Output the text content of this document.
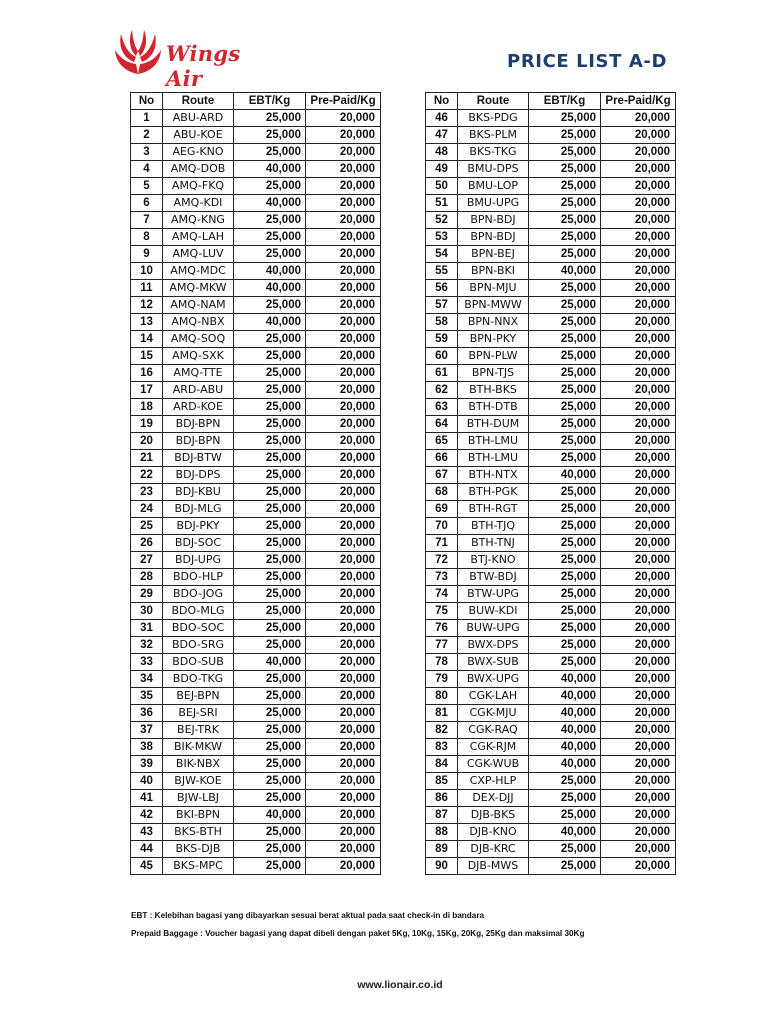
Wings Air
PRICE LIST A-D
No	Route	EBT/Kg	Pre-Paid/Kg
1	ABU-ARD	25,000	20,000
2	ABU-KOE	25,000	20,000
3	AEG-KNO	25,000	20,000
4	AMQ-DOB	40,000	20,000
5	AMQ-FKQ	25,000	20,000
6	AMQ-KDI	40,000	20,000
7	AMQ-KNG	25,000	20,000
8	AMQ-LAH	25,000	20,000
9	AMQ-LUV	25,000	20,000
10	AMQ-MDC	40,000	20,000
11	AMQ-MKW	40,000	20,000
12	AMQ-NAM	25,000	20,000
13	AMQ-NBX	40,000	20,000
14	AMQ-SOQ	25,000	20,000
15	AMQ-SXK	25,000	20,000
16	AMQ-TTE	25,000	20,000
17	ARD-ABU	25,000	20,000
18	ARD-KOE	25,000	20,000
19	BDJ-BPN	25,000	20,000
20	BDJ-BPN	25,000	20,000
21	BDJ-BTW	25,000	20,000
22	BDJ-DPS	25,000	20,000
23	BDJ-KBU	25,000	20,000
24	BDJ-MLG	25,000	20,000
25	BDJ-PKY	25,000	20,000
26	BDJ-SOC	25,000	20,000
27	BDJ-UPG	25,000	20,000
28	BDO-HLP	25,000	20,000
29	BDO-JOG	25,000	20,000
30	BDO-MLG	25,000	20,000
31	BDO-SOC	25,000	20,000
32	BDO-SRG	25,000	20,000
33	BDO-SUB	40,000	20,000
34	BDO-TKG	25,000	20,000
35	BEJ-BPN	25,000	20,000
36	BEJ-SRI	25,000	20,000
37	BEJ-TRK	25,000	20,000
38	BIK-MKW	25,000	20,000
39	BIK-NBX	25,000	20,000
40	BJW-KOE	25,000	20,000
41	BJW-LBJ	25,000	20,000
42	BKI-BPN	40,000	20,000
43	BKS-BTH	25,000	20,000
44	BKS-DJB	25,000	20,000
45	BKS-MPC	25,000	20,000
No	Route	EBT/Kg	Pre-Paid/Kg
46	BKS-PDG	25,000	20,000
47	BKS-PLM	25,000	20,000
48	BKS-TKG	25,000	20,000
49	BMU-DPS	25,000	20,000
50	BMU-LOP	25,000	20,000
51	BMU-UPG	25,000	20,000
52	BPN-BDJ	25,000	20,000
53	BPN-BDJ	25,000	20,000
54	BPN-BEJ	25,000	20,000
55	BPN-BKI	40,000	20,000
56	BPN-MJU	25,000	20,000
57	BPN-MWW	25,000	20,000
58	BPN-NNX	25,000	20,000
59	BPN-PKY	25,000	20,000
60	BPN-PLW	25,000	20,000
61	BPN-TJS	25,000	20,000
62	BTH-BKS	25,000	20,000
63	BTH-DTB	25,000	20,000
64	BTH-DUM	25,000	20,000
65	BTH-LMU	25,000	20,000
66	BTH-LMU	25,000	20,000
67	BTH-NTX	40,000	20,000
68	BTH-PGK	25,000	20,000
69	BTH-RGT	25,000	20,000
70	BTH-TJQ	25,000	20,000
71	BTH-TNJ	25,000	20,000
72	BTJ-KNO	25,000	20,000
73	BTW-BDJ	25,000	20,000
74	BTW-UPG	25,000	20,000
75	BUW-KDI	25,000	20,000
76	BUW-UPG	25,000	20,000
77	BWX-DPS	25,000	20,000
78	BWX-SUB	25,000	20,000
79	BWX-UPG	40,000	20,000
80	CGK-LAH	40,000	20,000
81	CGK-MJU	40,000	20,000
82	CGK-RAQ	40,000	20,000
83	CGK-RJM	40,000	20,000
84	CGK-WUB	40,000	20,000
85	CXP-HLP	25,000	20,000
86	DEX-DJJ	25,000	20,000
87	DJB-BKS	25,000	20,000
88	DJB-KNO	40,000	20,000
89	DJB-KRC	25,000	20,000
90	DJB-MWS	25,000	20,000
EBT : Kelebihan bagasi yang dibayarkan sesuai berat aktual pada saat check-in di bandara
Prepaid Baggage : Voucher bagasi yang dapat dibeli dengan paket 5Kg, 10Kg, 15Kg, 20Kg, 25Kg dan maksimal 30Kg
www.lionair.co.id
